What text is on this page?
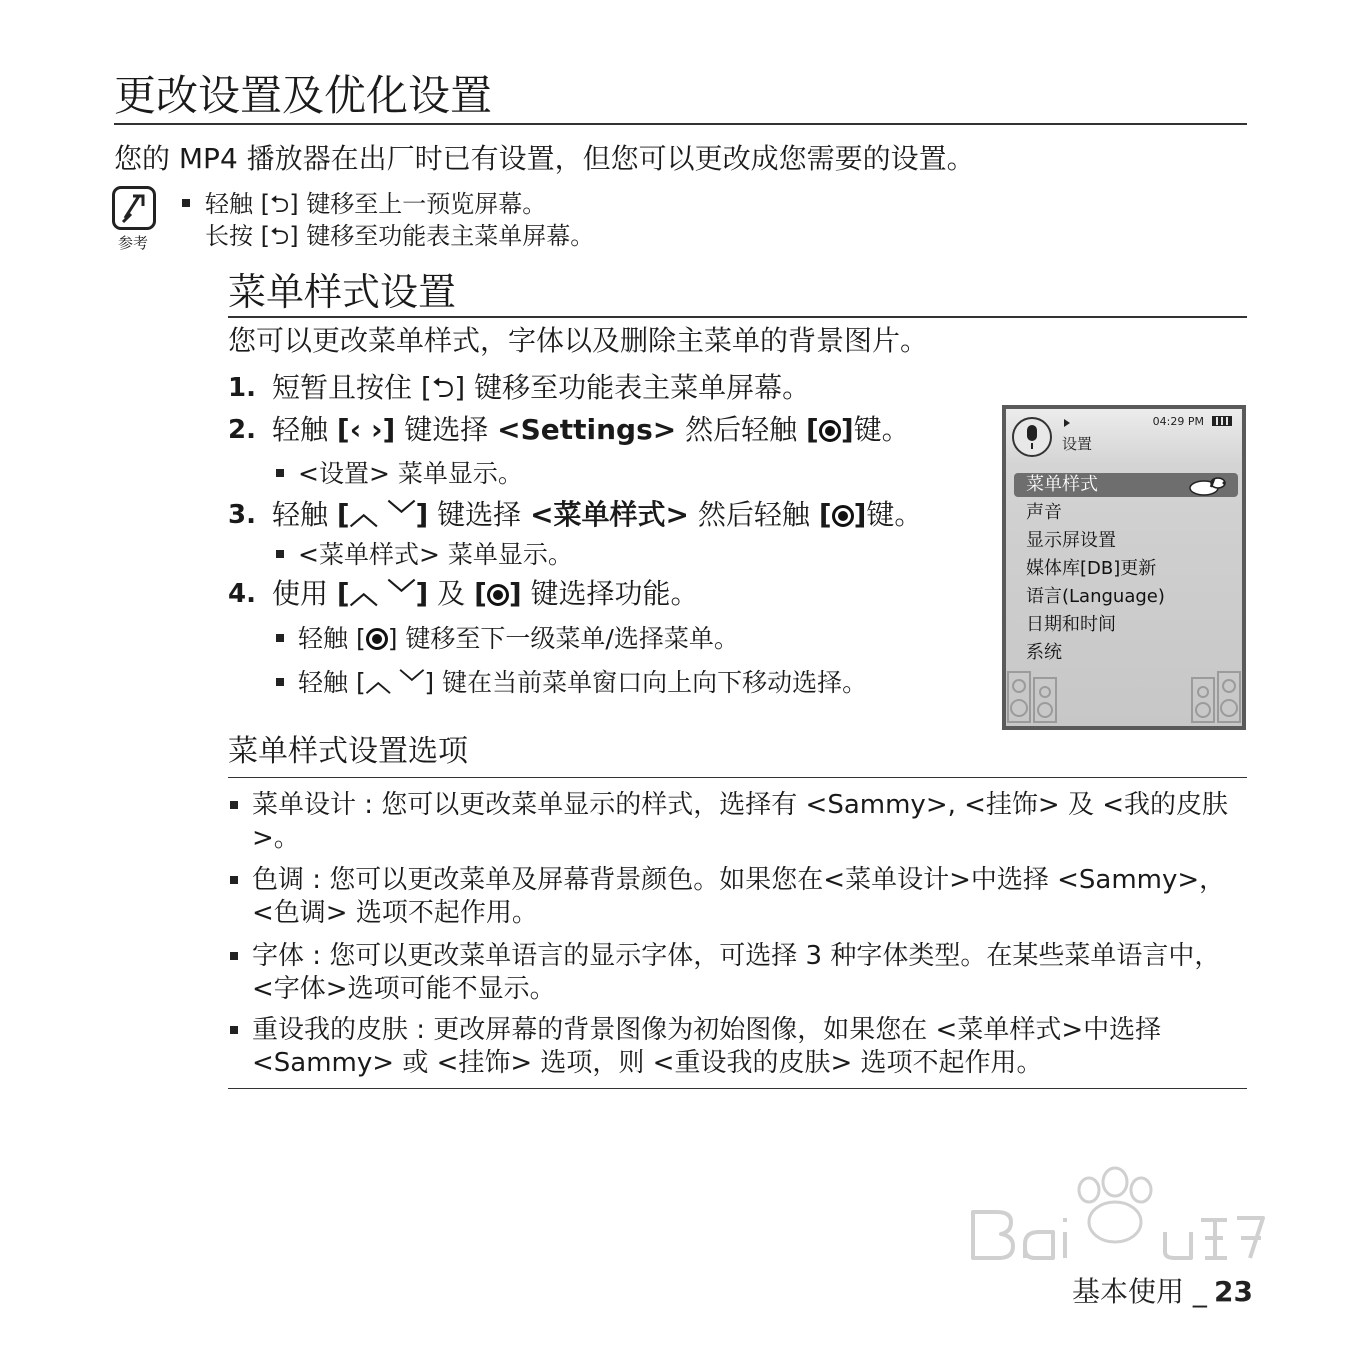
更改设置及优化设置
您的 MP4 播放器在出厂时已有设置，但您可以更改成您需要的设置。
参考
轻触 [⮌] 键移至上一预览屏幕。
长按 [⮌] 键移至功能表主菜单屏幕。
菜单样式设置
您可以更改菜单样式，字体以及删除主菜单的背景图片。
1. 短暂且按住 [⮌] 键移至功能表主菜单屏幕。
2. 轻触 [‹ ›] 键选择 <Settings> 然后轻触 [ ]键。
<设置> 菜单显示。
3. 轻触 [︿ ﹀] 键选择 <菜单样式> 然后轻触 [ ]键。
<菜单样式> 菜单显示。
4. 使用 [︿ ﹀] 及 [ ] 键选择功能。
轻触 [ ] 键移至下一级菜单/选择菜单。
轻触 [︿ ﹀] 键在当前菜单窗口向上向下移动选择。
设置
04:29 PM
菜单样式
声音
显示屏设置
媒体库[DB]更新
语言(Language)
日期和时间
系统
菜单样式设置选项
菜单设计 : 您可以更改菜单显示的样式，选择有 <Sammy>, <挂饰> 及 <我的皮肤>。
色调 : 您可以更改菜单及屏幕背景颜色。如果您在<菜单设计>中选择 <Sammy>，<色调> 选项不起作用。
字体 : 您可以更改菜单语言的显示字体，可选择 3 种字体类型。在某些菜单语言中，<字体>选项可能不显示。
重设我的皮肤 : 更改屏幕的背景图像为初始图像，如果您在 <菜单样式>中选择 <Sammy> 或 <挂饰> 选项，则 <重设我的皮肤> 选项不起作用。
基本使用 _ 23
